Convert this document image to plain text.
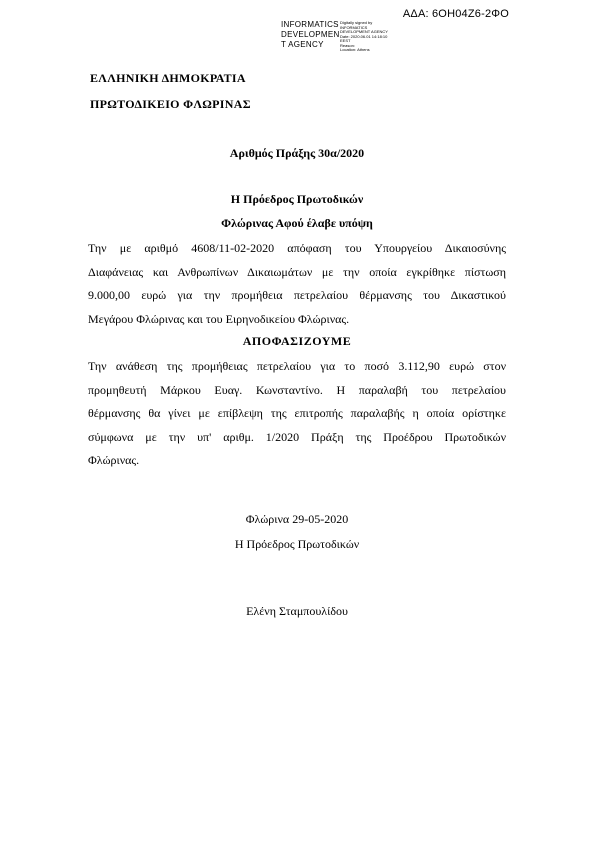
ΑΔΑ: 6ΟΗ04Ζ6-2ΦΟ
INFORMATICS
DEVELOPMEN
T AGENCY
Digitally signed by
INFORMATICS
DEVELOPMENT AGENCY
Date: 2020.06.01 14:18:10
EEST
Reason:
Location: Athens
ΕΛΛΗΝΙΚΗ ΔΗΜΟΚΡΑΤΙΑ
ΠΡΩΤΟΔΙΚΕΙΟ ΦΛΩΡΙΝΑΣ
Αριθμός Πράξης 30α/2020
Η Πρόεδρος Πρωτοδικών
Φλώρινας Αφού έλαβε υπόψη
Την με αριθμό 4608/11-02-2020 απόφαση του Υπουργείου Δικαιοσύνης
Διαφάνειας και Ανθρωπίνων Δικαιωμάτων με την οποία εγκρίθηκε πίστωση
9.000,00 ευρώ για την προμήθεια πετρελαίου θέρμανσης του Δικαστικού
Μεγάρου Φλώρινας και του Ειρηνοδικείου Φλώρινας.
ΑΠΟΦΑΣΙΖΟΥΜΕ
Την ανάθεση της προμήθειας πετρελαίου για το ποσό 3.112,90 ευρώ στον
προμηθευτή Μάρκου Ευαγ. Κωνσταντίνο. Η παραλαβή του πετρελαίου
θέρμανσης θα γίνει με επίβλεψη της επιτροπής παραλαβής η οποία ορίστηκε
σύμφωνα με την υπ' αριθμ. 1/2020 Πράξη της Προέδρου Πρωτοδικών
Φλώρινας.
Φλώρινα 29-05-2020
Η Πρόεδρος Πρωτοδικών
Ελένη Σταμπουλίδου
